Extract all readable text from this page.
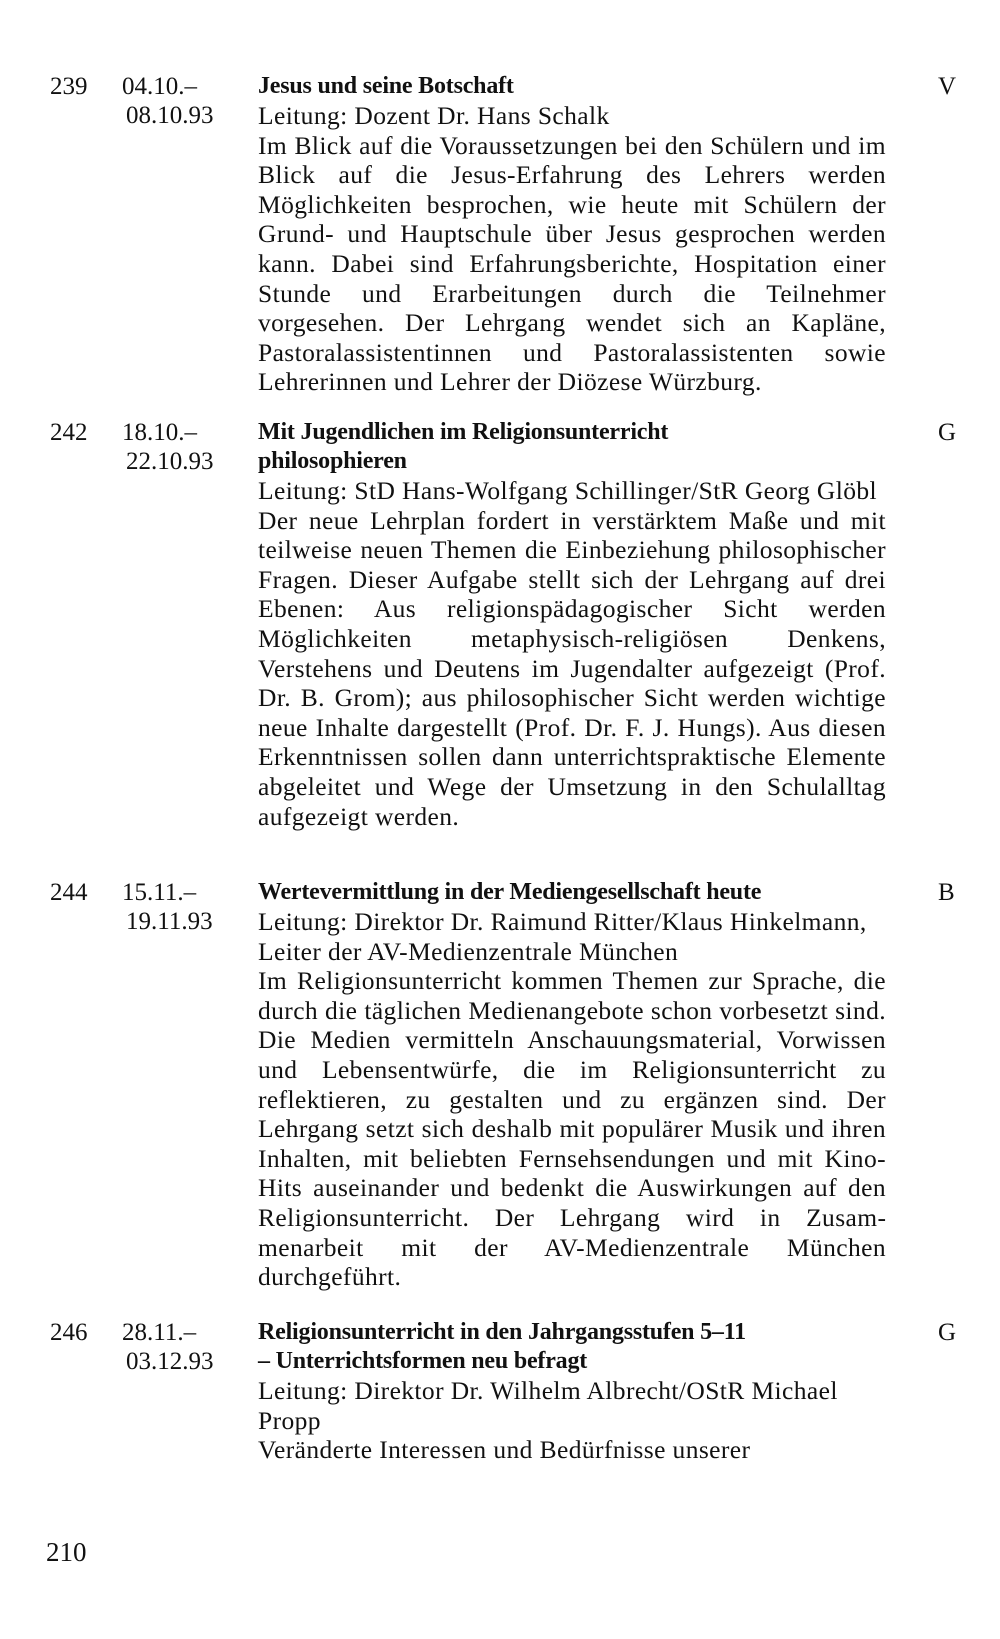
239 04.10.–
08.10.93
Jesus und seine Botschaft
Leitung: Dozent Dr. Hans Schalk
Im Blick auf die Voraussetzungen bei den Schülern und im Blick auf die Jesus-Erfahrung des Lehrers werden Möglichkeiten besprochen, wie heute mit Schülern der Grund- und Hauptschule über Jesus gesprochen werden kann. Dabei sind Erfahrungsberichte, Hospitation einer Stunde und Erarbeitungen durch die Teilnehmer vorgesehen. Der Lehrgang wendet sich an Kapläne, Pastoralassistentinnen und Pastoralassistenten sowie Lehrerinnen und Lehrer der Diözese Würzburg.
V
242 18.10.–
22.10.93
Mit Jugendlichen im Religionsunterricht
philosophieren
Leitung: StD Hans-Wolfgang Schillinger/StR Georg Glöbl
Der neue Lehrplan fordert in verstärktem Maße und mit teilweise neuen Themen die Einbeziehung philosophischer Fragen. Dieser Aufgabe stellt sich der Lehrgang auf drei Ebenen: Aus religionspädagogischer Sicht werden Möglichkeiten metaphysisch-religiösen Denkens, Verstehens und Deutens im Jugendalter aufgezeigt (Prof. Dr. B. Grom); aus philosophischer Sicht werden wichtige neue Inhalte dargestellt (Prof. Dr. F. J. Hungs). Aus diesen Erkenntnissen sollen dann unterrichtspraktische Elemente abgeleitet und Wege der Umsetzung in den Schulalltag aufgezeigt werden.
G
244 15.11.–
19.11.93
Wertevermittlung in der Mediengesellschaft heute
Leitung: Direktor Dr. Raimund Ritter/Klaus Hinkelmann, Leiter der AV-Medienzentrale München
Im Religionsunterricht kommen Themen zur Sprache, die durch die täglichen Medienangebote schon vorbesetzt sind. Die Medien vermitteln Anschauungsmaterial, Vorwissen und Lebensentwürfe, die im Religionsunterricht zu reflektieren, zu gestalten und zu ergänzen sind. Der Lehrgang setzt sich deshalb mit populärer Musik und ihren Inhalten, mit beliebten Fernsehsendungen und mit Kino-Hits auseinander und bedenkt die Auswirkungen auf den Religionsunterricht. Der Lehrgang wird in Zusammenarbeit mit der AV-Medienzentrale München durchgeführt.
B
246 28.11.–
03.12.93
Religionsunterricht in den Jahrgangsstufen 5–11
– Unterrichtsformen neu befragt
Leitung: Direktor Dr. Wilhelm Albrecht/OStR Michael Propp
Veränderte Interessen und Bedürfnisse unserer
G
210
